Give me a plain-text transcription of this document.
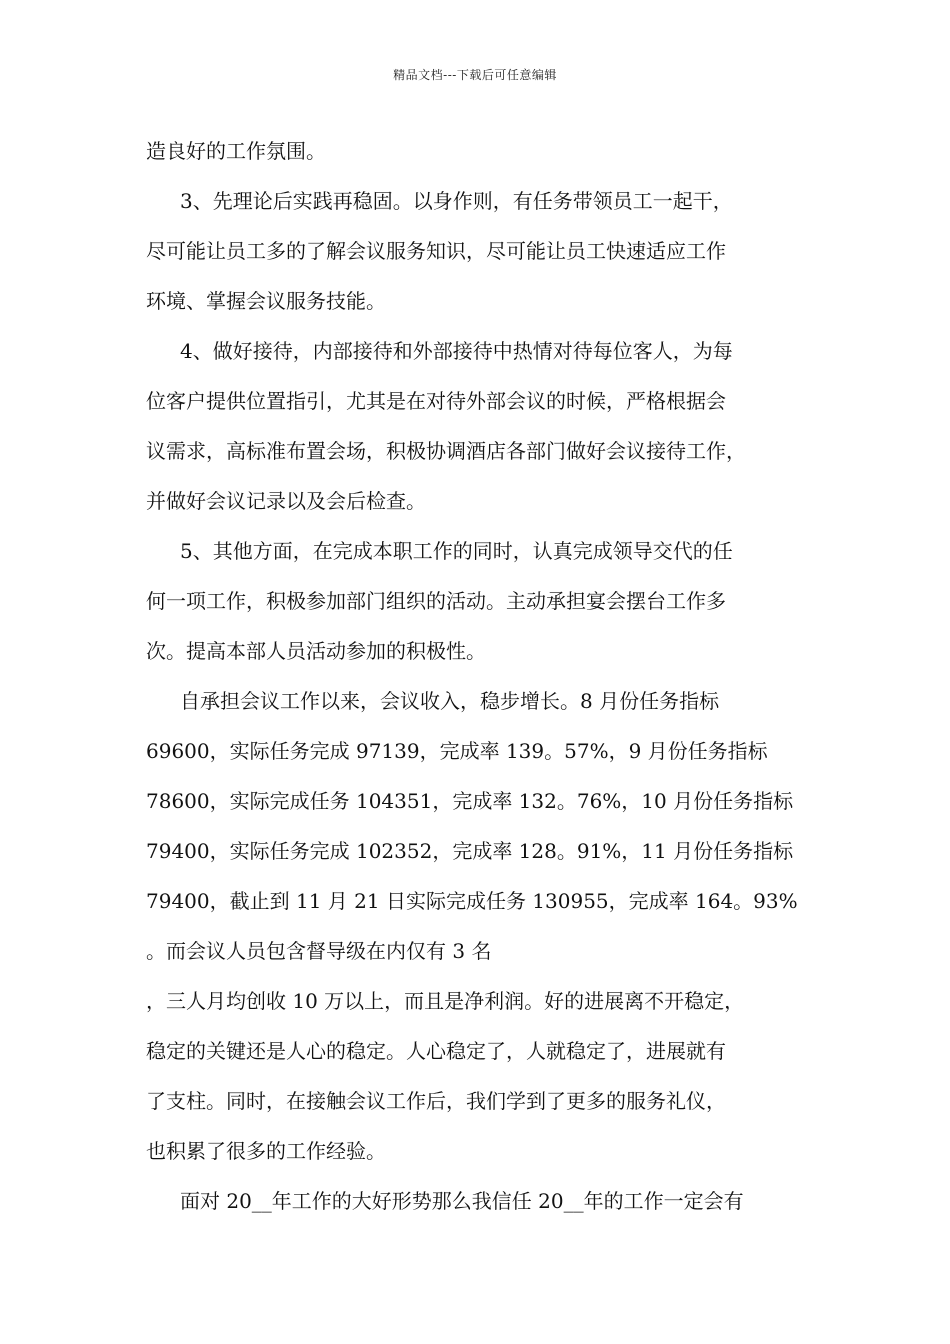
精品文档---下载后可任意编辑
造良好的工作氛围。
3、先理论后实践再稳固。以身作则，有任务带领员工一起干，
尽可能让员工多的了解会议服务知识，尽可能让员工快速适应工作
环境、掌握会议服务技能。
4、做好接待，内部接待和外部接待中热情对待每位客人，为每
位客户提供位置指引，尤其是在对待外部会议的时候，严格根据会
议需求，高标准布置会场，积极协调酒店各部门做好会议接待工作，
并做好会议记录以及会后检查。
5、其他方面，在完成本职工作的同时，认真完成领导交代的任
何一项工作，积极参加部门组织的活动。主动承担宴会摆台工作多
次。提高本部人员活动参加的积极性。
自承担会议工作以来，会议收入，稳步增长。8 月份任务指标
69600，实际任务完成 97139，完成率 139。57%，9 月份任务指标
78600，实际完成任务 104351，完成率 132。76%，10 月份任务指标
79400，实际任务完成 102352，完成率 128。91%，11 月份任务指标
79400，截止到 11 月 21 日实际完成任务 130955，完成率 164。93%
。而会议人员包含督导级在内仅有 3 名
，三人月均创收 10 万以上，而且是净利润。好的进展离不开稳定，
稳定的关键还是人心的稳定。人心稳定了，人就稳定了，进展就有
了支柱。同时，在接触会议工作后，我们学到了更多的服务礼仪，
也积累了很多的工作经验。
面对 20__年工作的大好形势那么我信任 20__年的工作一定会有
